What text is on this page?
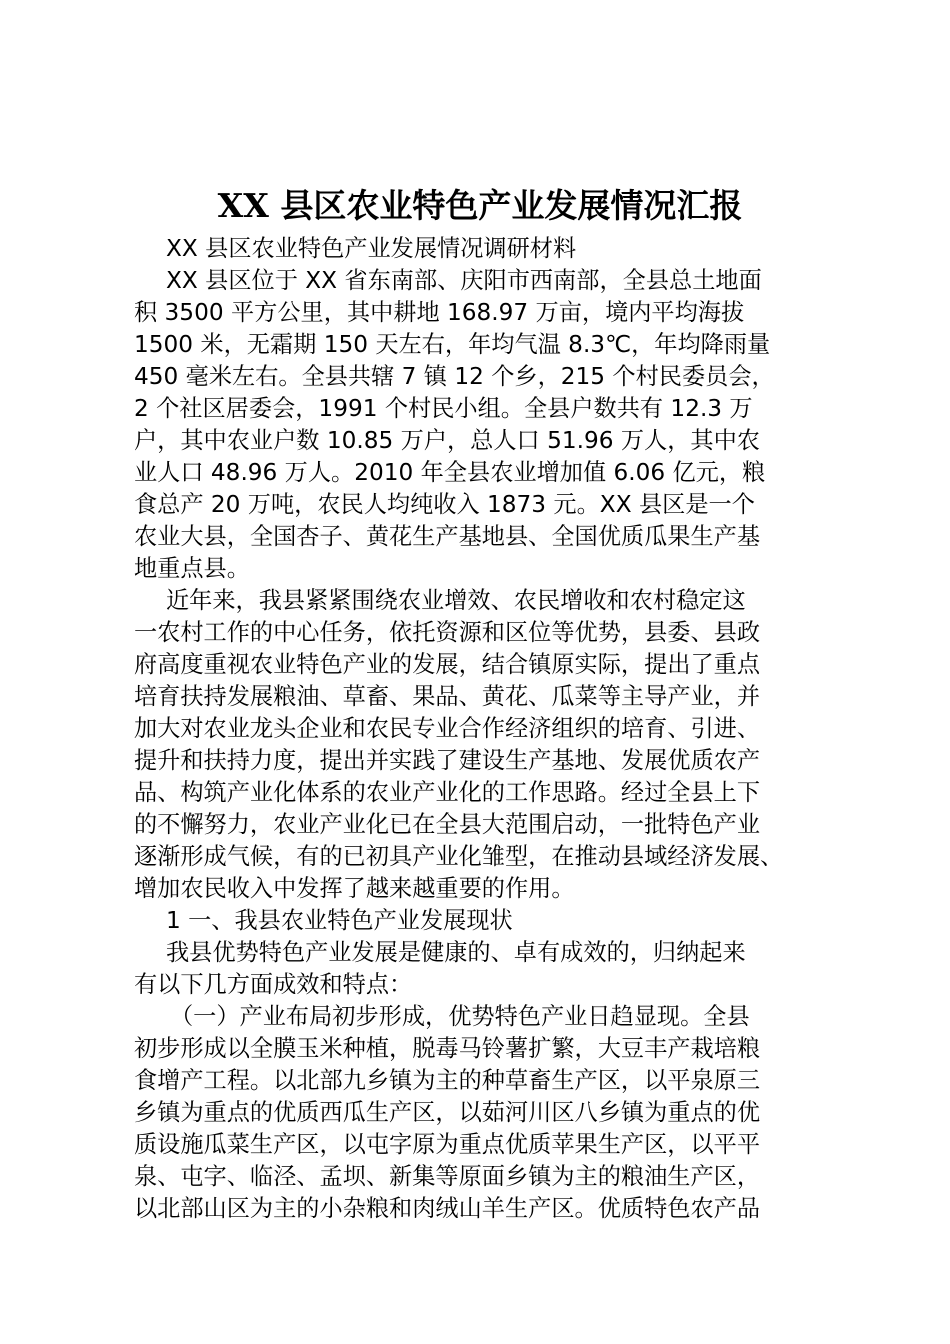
XX 县区农业特色产业发展情况汇报
XX 县区农业特色产业发展情况调研材料
XX 县区位于 XX 省东南部、庆阳市西南部，全县总土地面
积 3500 平方公里，其中耕地 168.97 万亩，境内平均海拔
1500 米，无霜期 150 天左右，年均气温 8.3℃，年均降雨量
450 毫米左右。全县共辖 7 镇 12 个乡，215 个村民委员会，
2 个社区居委会，1991 个村民小组。全县户数共有 12.3 万
户，其中农业户数 10.85 万户，总人口 51.96 万人，其中农
业人口 48.96 万人。2010 年全县农业增加值 6.06 亿元，粮
食总产 20 万吨，农民人均纯收入 1873 元。XX 县区是一个
农业大县，全国杏子、黄花生产基地县、全国优质瓜果生产基
地重点县。
近年来，我县紧紧围绕农业增效、农民增收和农村稳定这
一农村工作的中心任务，依托资源和区位等优势，县委、县政
府高度重视农业特色产业的发展，结合镇原实际，提出了重点
培育扶持发展粮油、草畜、果品、黄花、瓜菜等主导产业，并
加大对农业龙头企业和农民专业合作经济组织的培育、引进、
提升和扶持力度，提出并实践了建设生产基地、发展优质农产
品、构筑产业化体系的农业产业化的工作思路。经过全县上下
的不懈努力，农业产业化已在全县大范围启动，一批特色产业
逐渐形成气候，有的已初具产业化雏型，在推动县域经济发展、
增加农民收入中发挥了越来越重要的作用。
1 一、我县农业特色产业发展现状
我县优势特色产业发展是健康的、卓有成效的，归纳起来
有以下几方面成效和特点：
（一）产业布局初步形成，优势特色产业日趋显现。全县
初步形成以全膜玉米种植，脱毒马铃薯扩繁，大豆丰产栽培粮
食增产工程。以北部九乡镇为主的种草畜生产区，以平泉原三
乡镇为重点的优质西瓜生产区，以茹河川区八乡镇为重点的优
质设施瓜菜生产区，以屯字原为重点优质苹果生产区，以平平
泉、屯字、临泾、孟坝、新集等原面乡镇为主的粮油生产区，
以北部山区为主的小杂粮和肉绒山羊生产区。优质特色农产品
